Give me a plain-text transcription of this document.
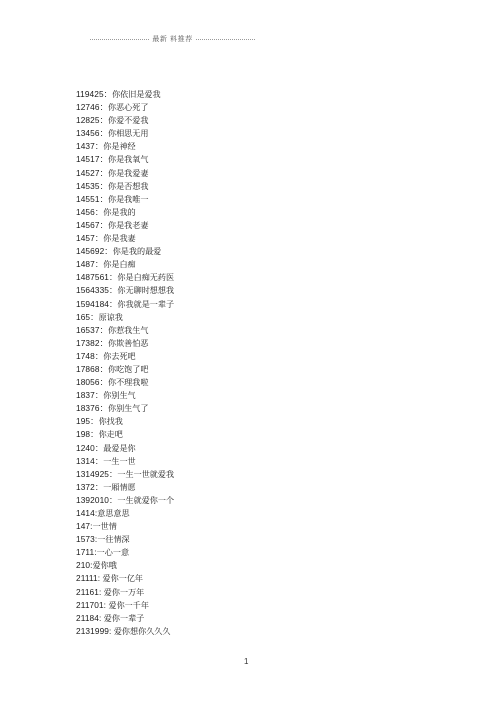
最新 料推荐
119425：你依旧是爱我
12746：你恶心死了
12825：你爱不爱我
13456：你相思无用
1437：你是神经
14517：你是我氧气
14527：你是我爱妻
14535：你是否想我
14551：你是我唯一
1456：你是我的
14567：你是我老妻
1457：你是我妻
145692：你是我的最爱
1487：你是白痴
1487561：你是白痴无药医
1564335：你无聊时想想我
1594184：你我就是一辈子
165：原谅我
16537：你惹我生气
17382：你欺善怕恶
1748：你去死吧
17868：你吃饱了吧
18056：你不理我啦
1837：你别生气
18376：你别生气了
195：你找我
198：你走吧
1240：最爱是你
1314：一生一世
1314925：一生一世就爱我
1372：一厢情愿
1392010：一生就爱你一个
1414:意思意思
147:一世情
1573:一往情深
1711:一心一意
210:爱你哦
21111: 爱你一亿年
21161: 爱你一万年
211701: 爱你一千年
21184: 爱你一辈子
2131999: 爱你想你久久久
1
